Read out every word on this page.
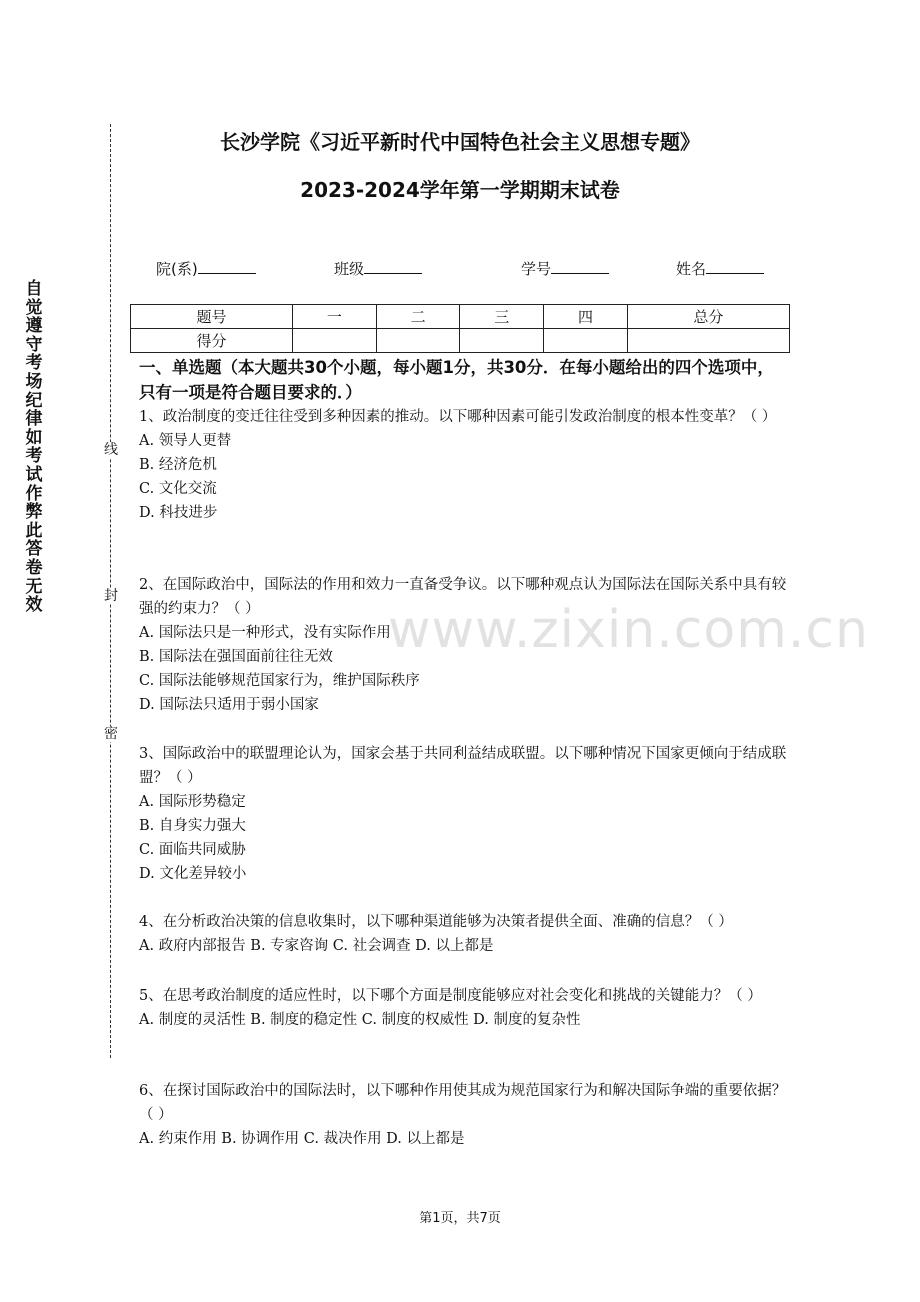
自觉遵守考场纪律如考试作弊此答卷无效
线
封
密
长沙学院《习近平新时代中国特色社会主义思想专题》
2023-2024学年第一学期期末试卷
院(系)	班级	学号	姓名
题号	一	二	三	四	总分
得分					
一、单选题（本大题共30个小题，每小题1分，共30分．在每小题给出的四个选项中，只有一项是符合题目要求的．）

1、政治制度的变迁往往受到多种因素的推动。以下哪种因素可能引发政治制度的根本性变革？（ ）

A. 领导人更替

B. 经济危机

C. 文化交流

D. 科技进步

2、在国际政治中，国际法的作用和效力一直备受争议。以下哪种观点认为国际法在国际关系中具有较强的约束力？（ ）

A. 国际法只是一种形式，没有实际作用

B. 国际法在强国面前往往无效

C. 国际法能够规范国家行为，维护国际秩序

D. 国际法只适用于弱小国家

3、国际政治中的联盟理论认为，国家会基于共同利益结成联盟。以下哪种情况下国家更倾向于结成联盟？（ ）

A. 国际形势稳定

B. 自身实力强大

C. 面临共同威胁

D. 文化差异较小

4、在分析政治决策的信息收集时，以下哪种渠道能够为决策者提供全面、准确的信息？（ ）

A. 政府内部报告 B. 专家咨询 C. 社会调查 D. 以上都是

5、在思考政治制度的适应性时，以下哪个方面是制度能够应对社会变化和挑战的关键能力？（ ）

A. 制度的灵活性 B. 制度的稳定性 C. 制度的权威性 D. 制度的复杂性

6、在探讨国际政治中的国际法时，以下哪种作用使其成为规范国家行为和解决国际争端的重要依据？（ ）

A. 约束作用 B. 协调作用 C. 裁决作用 D. 以上都是

www.zixin.com.cn
第1页，共7页
